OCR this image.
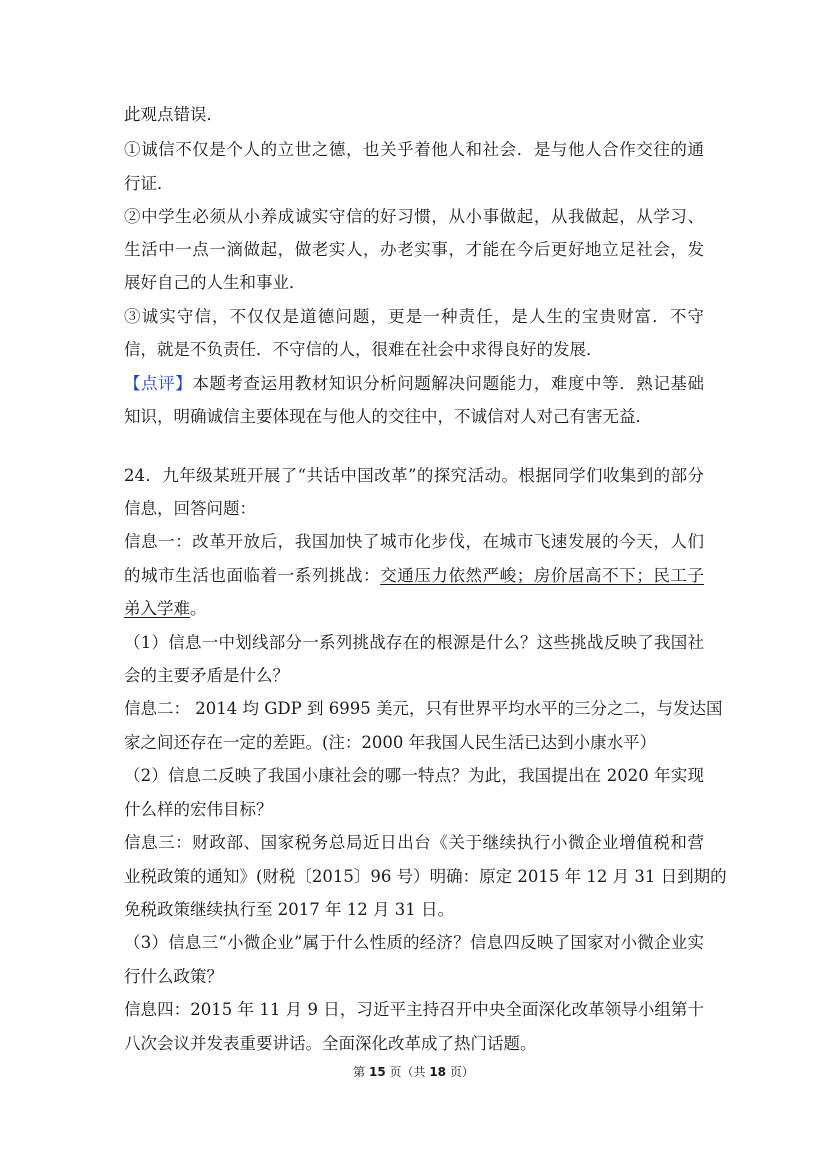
此观点错误．
①诚信不仅是个人的立世之德，也关乎着他人和社会．是与他人合作交往的通
行证．
②中学生必须从小养成诚实守信的好习惯，从小事做起，从我做起，从学习、
生活中一点一滴做起，做老实人，办老实事，才能在今后更好地立足社会，发
展好自己的人生和事业．
③诚实守信，不仅仅是道德问题，更是一种责任，是人生的宝贵财富．不守
信，就是不负责任．不守信的人，很难在社会中求得良好的发展．
【点评】本题考查运用教材知识分析问题解决问题能力，难度中等．熟记基础
知识，明确诚信主要体现在与他人的交往中，不诚信对人对己有害无益．
24．九年级某班开展了“共话中国改革”的探究活动。根据同学们收集到的部分
信息，回答问题：
信息一：改革开放后，我国加快了城市化步伐，在城市飞速发展的今天，人们
的城市生活也面临着一系列挑战：交通压力依然严峻；房价居高不下；民工子
弟入学难。
（1）信息一中划线部分一系列挑战存在的根源是什么？这些挑战反映了我国社
会的主要矛盾是什么？
信息二： 2014 均 GDP 到 6995 美元，只有世界平均水平的三分之二，与发达国
家之间还存在一定的差距。(注：2000 年我国人民生活已达到小康水平）
（2）信息二反映了我国小康社会的哪一特点？为此，我国提出在 2020 年实现
什么样的宏伟目标？
信息三：财政部、国家税务总局近日出台《关于继续执行小微企业增值税和营
业税政策的通知》(财税〔2015〕96 号）明确：原定 2015 年 12 月 31 日到期的
免税政策继续执行至 2017 年 12 月 31 日。
（3）信息三“小微企业”属于什么性质的经济？信息四反映了国家对小微企业实
行什么政策？
信息四：2015 年 11 月 9 日，习近平主持召开中央全面深化改革领导小组第十
八次会议并发表重要讲话。全面深化改革成了热门话题。
第 15 页（共 18 页）
